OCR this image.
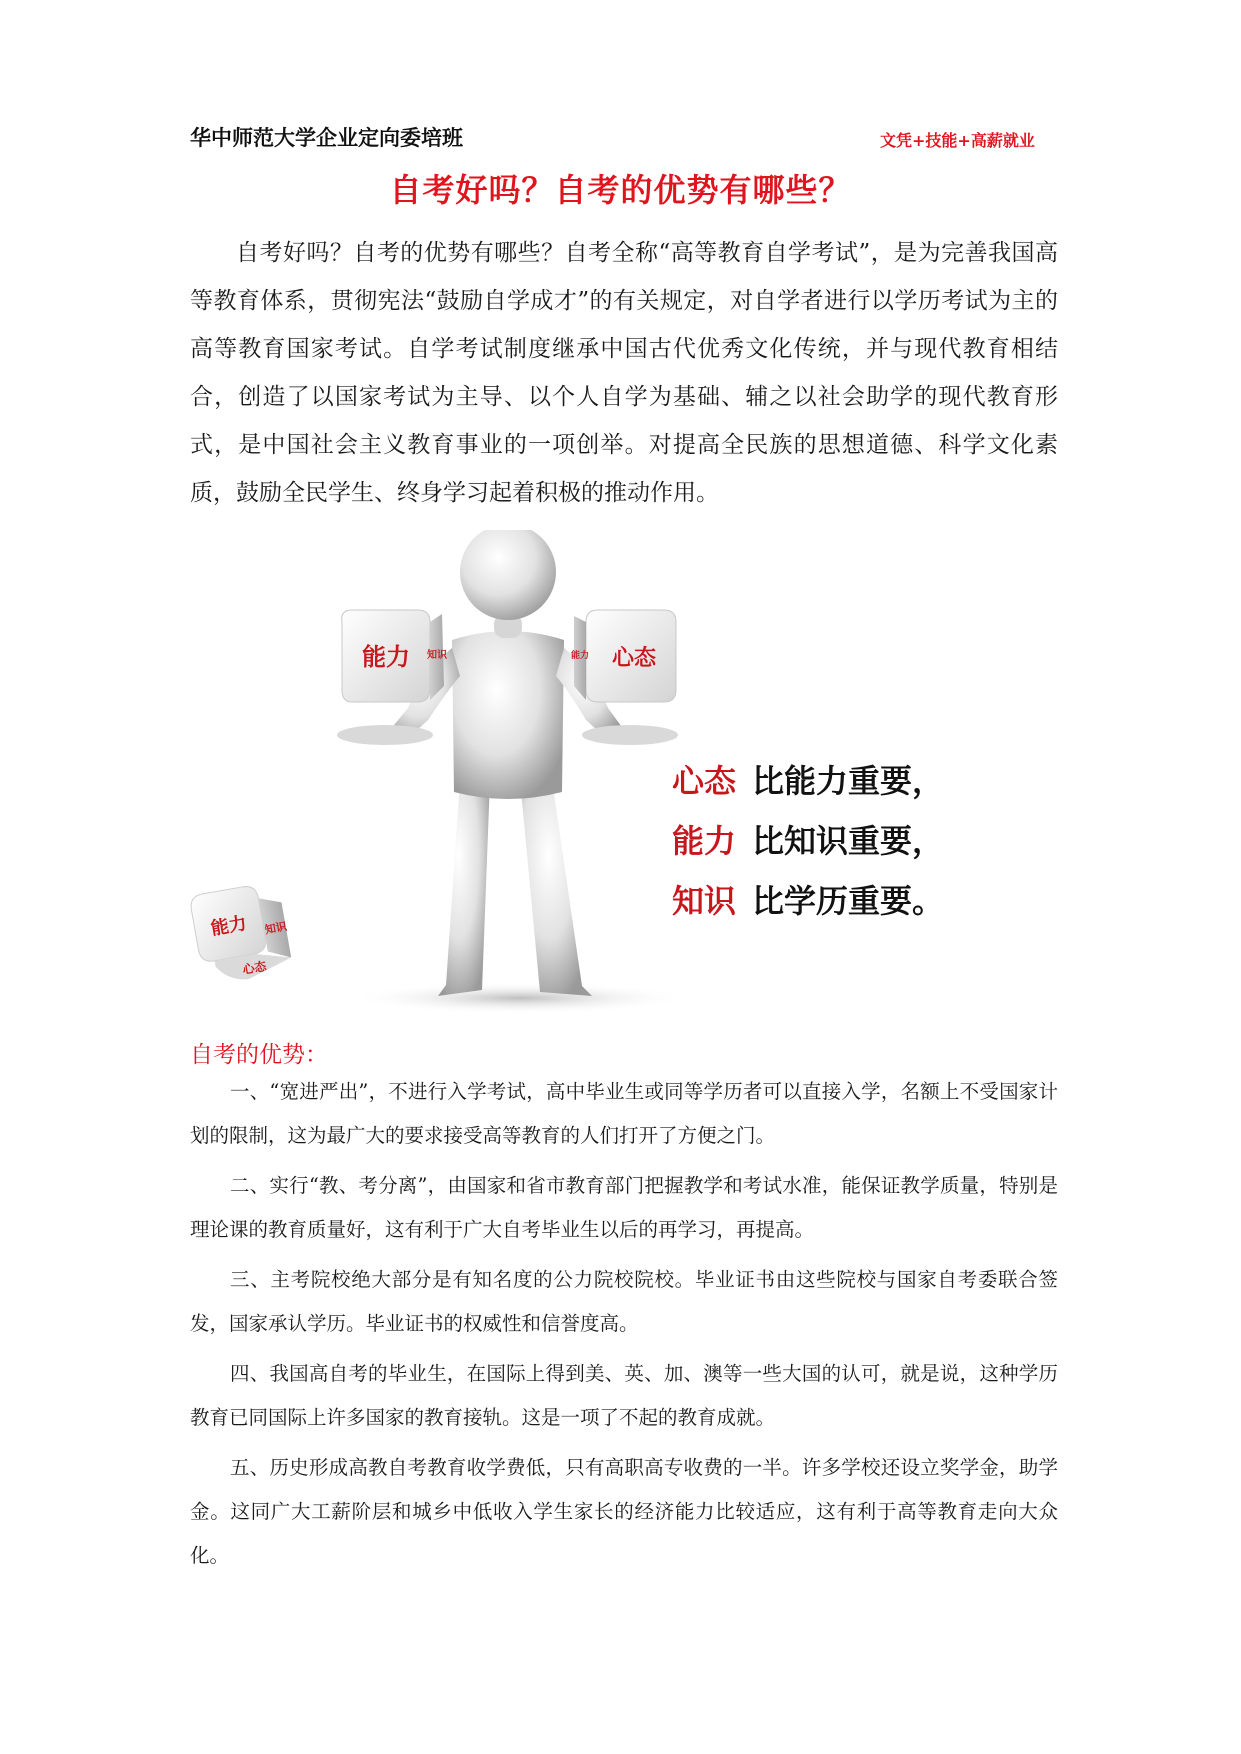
华中师范大学企业定向委培班	文凭+技能+高薪就业
自考好吗？自考的优势有哪些？

自考好吗？自考的优势有哪些？自考全称“高等教育自学考试”，是为完善我国高等教育体系，贯彻宪法“鼓励自学成才”的有关规定，对自学者进行以学历考试为主的高等教育国家考试。自学考试制度继承中国古代优秀文化传统，并与现代教育相结合，创造了以国家考试为主导、以个人自学为基础、辅之以社会助学的现代教育形式，是中国社会主义教育事业的一项创举。对提高全民族的思想道德、科学文化素质，鼓励全民学生、终身学习起着积极的推动作用。

能力 知识	心态
能力
能力 知识
心态
心态 比能力重要，
能力 比知识重要，
知识 比学历重要。
自考的优势：

一、“宽进严出”，不进行入学考试，高中毕业生或同等学历者可以直接入学，名额上不受国家计划的限制，这为最广大的要求接受高等教育的人们打开了方便之门。

二、实行“教、考分离”，由国家和省市教育部门把握教学和考试水准，能保证教学质量，特别是理论课的教育质量好，这有利于广大自考毕业生以后的再学习，再提高。

三、主考院校绝大部分是有知名度的公力院校院校。毕业证书由这些院校与国家自考委联合签发，国家承认学历。毕业证书的权威性和信誉度高。

四、我国高自考的毕业生，在国际上得到美、英、加、澳等一些大国的认可，就是说，这种学历教育已同国际上许多国家的教育接轨。这是一项了不起的教育成就。

五、历史形成高教自考教育收学费低，只有高职高专收费的一半。许多学校还设立奖学金，助学金。这同广大工薪阶层和城乡中低收入学生家长的经济能力比较适应，这有利于高等教育走向大众化。
